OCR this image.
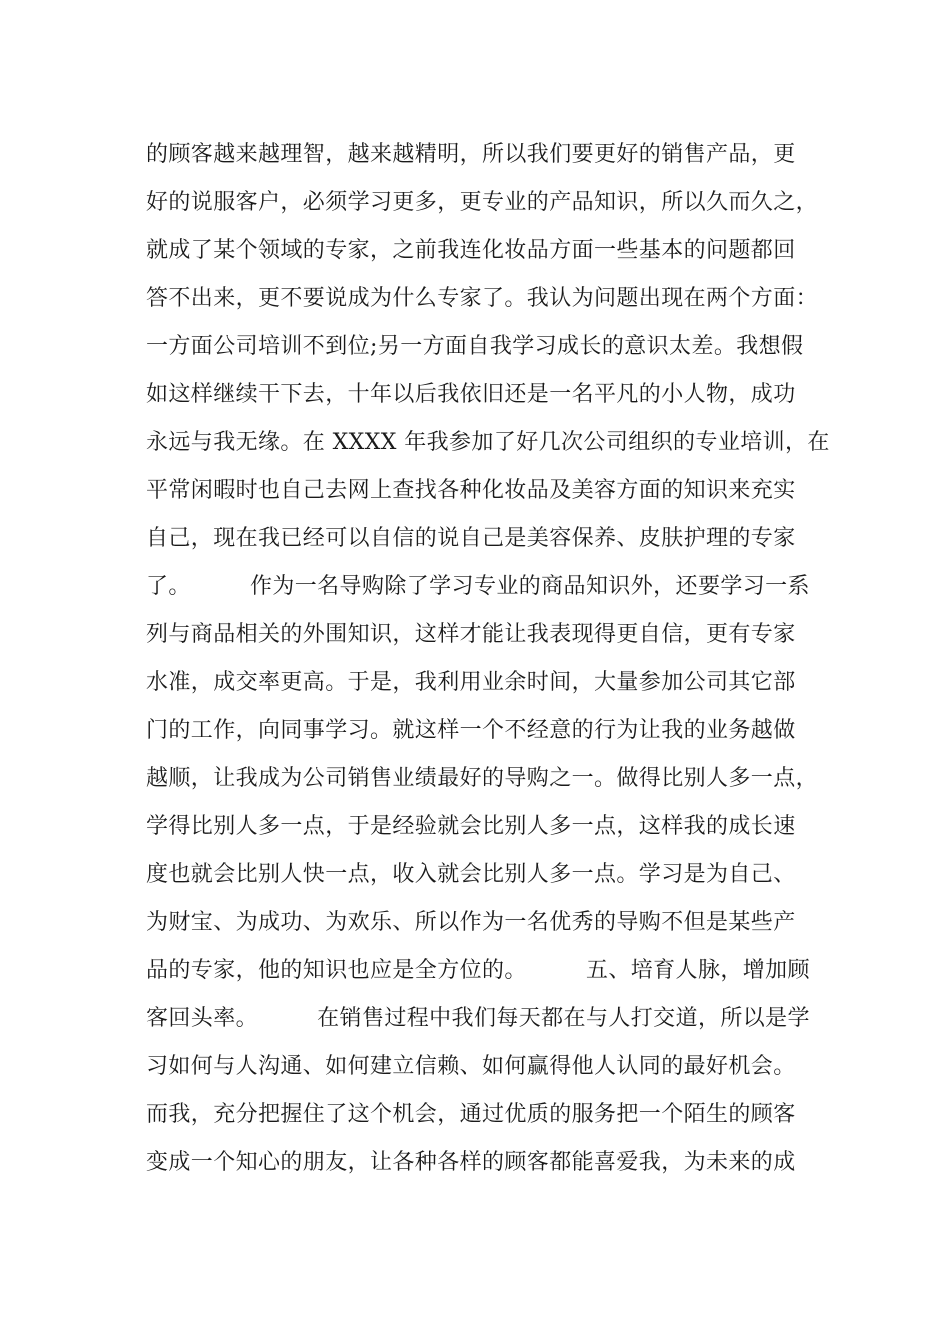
的顾客越来越理智，越来越精明，所以我们要更好的销售产品，更
好的说服客户，必须学习更多，更专业的产品知识，所以久而久之，
就成了某个领域的专家，之前我连化妆品方面一些基本的问题都回
答不出来，更不要说成为什么专家了。我认为问题出现在两个方面：
一方面公司培训不到位;另一方面自我学习成长的意识太差。我想假
如这样继续干下去，十年以后我依旧还是一名平凡的小人物，成功
永远与我无缘。在 XXXX 年我参加了好几次公司组织的专业培训，在
平常闲暇时也自己去网上查找各种化妆品及美容方面的知识来充实
自己，现在我已经可以自信的说自己是美容保养、皮肤护理的专家
了。        作为一名导购除了学习专业的商品知识外，还要学习一系
列与商品相关的外围知识，这样才能让我表现得更自信，更有专家
水准，成交率更高。于是，我利用业余时间，大量参加公司其它部
门的工作，向同事学习。就这样一个不经意的行为让我的业务越做
越顺，让我成为公司销售业绩最好的导购之一。做得比别人多一点，
学得比别人多一点，于是经验就会比别人多一点，这样我的成长速
度也就会比别人快一点，收入就会比别人多一点。学习是为自己、
为财宝、为成功、为欢乐、所以作为一名优秀的导购不但是某些产
品的专家，他的知识也应是全方位的。        五、培育人脉，增加顾
客回头率。        在销售过程中我们每天都在与人打交道，所以是学
习如何与人沟通、如何建立信赖、如何赢得他人认同的最好机会。
而我，充分把握住了这个机会，通过优质的服务把一个陌生的顾客
变成一个知心的朋友，让各种各样的顾客都能喜爱我，为未来的成
